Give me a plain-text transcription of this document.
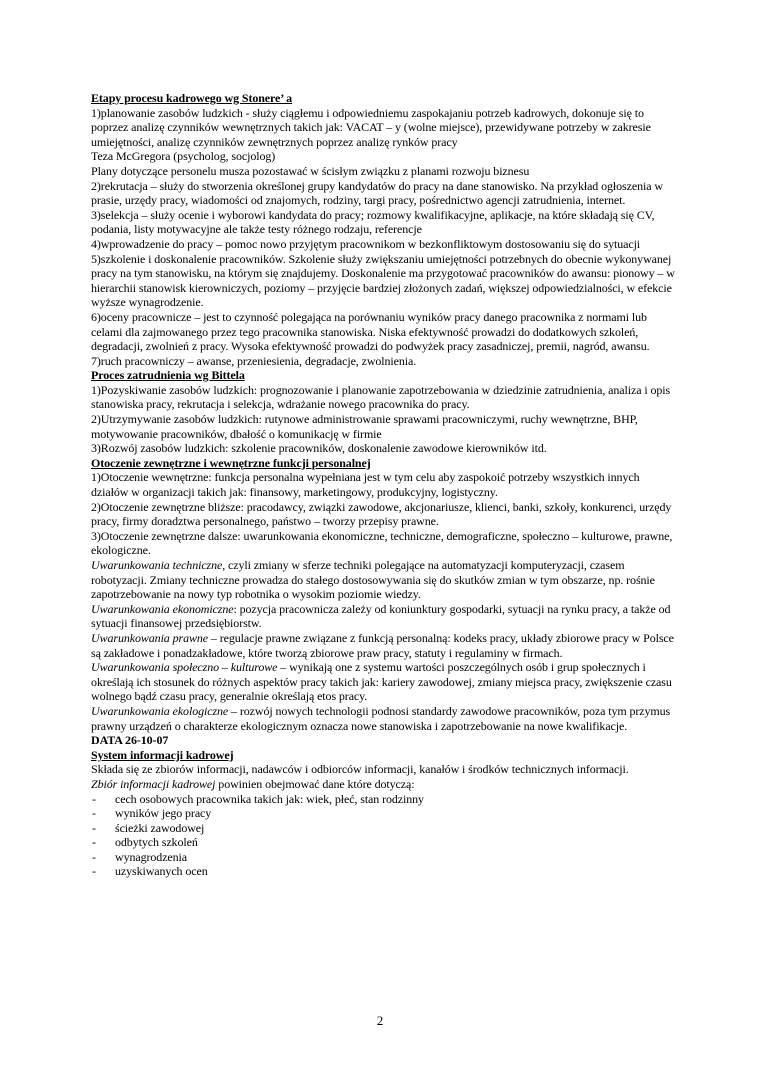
Etapy procesu kadrowego wg Stonere’ a

1)planowanie zasobów ludzkich - służy ciągłemu i odpowiedniemu zaspokajaniu potrzeb kadrowych, dokonuje się to poprzez analizę czynników wewnętrznych takich jak: VACAT – y (wolne miejsce), przewidywane potrzeby w zakresie umiejętności, analizę czynników zewnętrznych poprzez analizę rynków pracy

Teza McGregora (psycholog, socjolog)

Plany dotyczące personelu musza pozostawać w ścisłym związku z planami rozwoju biznesu

2)rekrutacja – służy do stworzenia określonej grupy kandydatów do pracy na dane stanowisko. Na przykład ogłoszenia w prasie, urzędy pracy, wiadomości od znajomych, rodziny, targi pracy, pośrednictwo agencji zatrudnienia, internet.

3)selekcja – służy ocenie i wyborowi kandydata do pracy; rozmowy kwalifikacyjne, aplikacje, na które składają się CV, podania, listy motywacyjne ale także testy różnego rodzaju, referencje

4)wprowadzenie do pracy – pomoc nowo przyjętym pracownikom w bezkonfliktowym dostosowaniu się do sytuacji

5)szkolenie i doskonalenie pracowników. Szkolenie służy zwiększaniu umiejętności potrzebnych do obecnie wykonywanej pracy na tym stanowisku, na którym się znajdujemy. Doskonalenie ma przygotować pracowników do awansu: pionowy – w hierarchii stanowisk kierowniczych, poziomy – przyjęcie bardziej złożonych zadań, większej odpowiedzialności, w efekcie wyższe wynagrodzenie.

6)oceny pracownicze – jest to czynność polegająca na porównaniu wyników pracy danego pracownika z normami lub celami dla zajmowanego przez tego pracownika stanowiska. Niska efektywność prowadzi do dodatkowych szkoleń, degradacji, zwolnień z pracy. Wysoka efektywność prowadzi do podwyżek pracy zasadniczej, premii, nagród, awansu.

7)ruch pracowniczy – awanse, przeniesienia, degradacje, zwolnienia.

Proces zatrudnienia wg Bittela

1)Pozyskiwanie zasobów ludzkich: prognozowanie i planowanie zapotrzebowania w dziedzinie zatrudnienia, analiza i opis stanowiska pracy, rekrutacja i selekcja, wdrażanie nowego pracownika do pracy.

2)Utrzymywanie zasobów ludzkich: rutynowe administrowanie sprawami pracowniczymi, ruchy wewnętrzne, BHP, motywowanie pracowników, dbałość o komunikację w firmie

3)Rozwój zasobów ludzkich: szkolenie pracowników, doskonalenie zawodowe kierowników itd.

Otoczenie zewnętrzne i wewnętrzne funkcji personalnej

1)Otoczenie wewnętrzne: funkcja personalna wypełniana jest w tym celu aby zaspokoić potrzeby wszystkich innych działów w organizacji takich jak: finansowy, marketingowy, produkcyjny, logistyczny.

2)Otoczenie zewnętrzne bliższe: pracodawcy, związki zawodowe, akcjonariusze, klienci, banki, szkoły, konkurenci, urzędy pracy, firmy doradztwa personalnego, państwo – tworzy przepisy prawne.

3)Otoczenie zewnętrzne dalsze: uwarunkowania ekonomiczne, techniczne, demograficzne, społeczno – kulturowe, prawne, ekologiczne.

Uwarunkowania techniczne, czyli zmiany w sferze techniki polegające na automatyzacji komputeryzacji, czasem robotyzacji. Zmiany techniczne prowadza do stałego dostosowywania się do skutków zmian w tym obszarze, np. rośnie zapotrzebowanie na nowy typ robotnika o wysokim poziomie wiedzy.

Uwarunkowania ekonomiczne: pozycja pracownicza zależy od koniunktury gospodarki, sytuacji na rynku pracy, a także od sytuacji finansowej przedsiębiorstw.

Uwarunkowania prawne – regulacje prawne związane z funkcją personalną: kodeks pracy, układy zbiorowe pracy w Polsce są zakładowe i ponadzakładowe, które tworzą zbiorowe praw pracy, statuty i regulaminy w firmach.

Uwarunkowania społeczno – kulturowe – wynikają one z systemu wartości poszczególnych osób i grup społecznych i określają ich stosunek do różnych aspektów pracy takich jak: kariery zawodowej, zmiany miejsca pracy, zwiększenie czasu wolnego bądź czasu pracy, generalnie określają etos pracy.

Uwarunkowania ekologiczne – rozwój nowych technologii podnosi standardy zawodowe pracowników, poza tym przymus prawny urządzeń o charakterze ekologicznym oznacza nowe stanowiska i zapotrzebowanie na nowe kwalifikacje.

DATA 26-10-07

System informacji kadrowej

Składa się ze zbiorów informacji, nadawców i odbiorców informacji, kanałów i środków technicznych informacji.

Zbiór informacji kadrowej powinien obejmować dane które dotyczą:

- cech osobowych pracownika takich jak: wiek, płeć, stan rodzinny
- wyników jego pracy
- ścieżki zawodowej
- odbytych szkoleń
- wynagrodzenia
- uzyskiwanych ocen
2
